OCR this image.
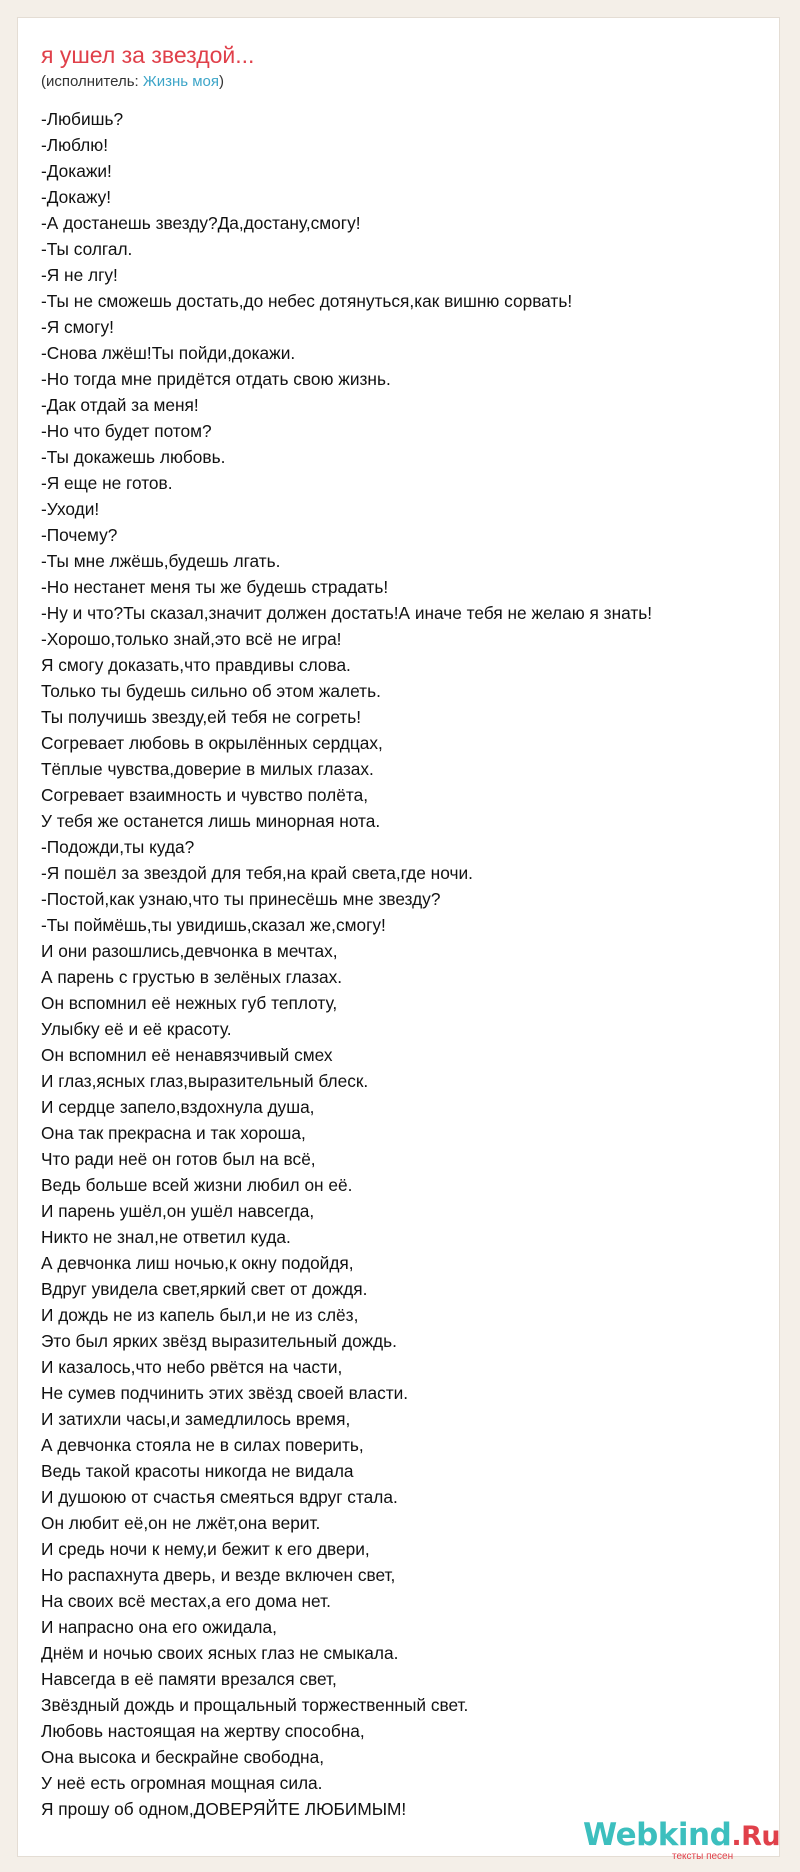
я ушел за звездой...
(исполнитель: Жизнь моя)
-Любишь?
-Люблю!
-Докажи!
-Докажу!
-А достанешь звезду?Да,достану,смогу!
-Ты солгал.
-Я не лгу!
-Ты не сможешь достать,до небес дотянуться,как вишню сорвать!
-Я смогу!
-Снова лжёш!Ты пойди,докажи.
-Но тогда мне придётся отдать свою жизнь.
-Дак отдай за меня!
-Но что будет потом?
-Ты докажешь любовь.
-Я еще не готов.
-Уходи!
-Почему?
-Ты мне лжёшь,будешь лгать.
-Но нестанет меня ты же будешь страдать!
-Ну и что?Ты сказал,значит должен достать!А иначе тебя не желаю я знать!
-Хорошо,только знай,это всё не игра!
Я смогу доказать,что правдивы слова.
Только ты будешь сильно об этом жалеть.
Ты получишь звезду,ей тебя не согреть!
Согревает любовь в окрылённых сердцах,
Тёплые чувства,доверие в милых глазах.
Согревает взаимность и чувство полёта,
У тебя же останется лишь минорная нота.
-Подожди,ты куда?
-Я пошёл за звездой для тебя,на край света,где ночи.
-Постой,как узнаю,что ты принесёшь мне звезду?
-Ты поймёшь,ты увидишь,сказал же,смогу!
И они разошлись,девчонка в мечтах,
А парень с грустью в зелёных глазах.
Он вспомнил её нежных губ теплоту,
Улыбку её и её красоту.
Он вспомнил её ненавязчивый смех
И глаз,ясных глаз,выразительный блеск.
И сердце запело,вздохнула душа,
Она так прекрасна и так хороша,
Что ради неё он готов был на всё,
Ведь больше всей жизни любил он её.
И парень ушёл,он ушёл навсегда,
Никто не знал,не ответил куда.
А девчонка лиш ночью,к окну подойдя,
Вдруг увидела свет,яркий свет от дождя.
И дождь не из капель был,и не из слёз,
Это был ярких звёзд выразительный дождь.
И казалось,что небо рвётся на части,
Не сумев подчинить этих звёзд своей власти.
И затихли часы,и замедлилось время,
А девчонка стояла не в силах поверить,
Ведь такой красоты никогда не видала
И душоюю от счастья смеяться вдруг стала.
Он любит её,он не лжёт,она верит.
И средь ночи к нему,и бежит к его двери,
Но распахнута дверь, и везде включен свет,
На своих всё местах,а его дома нет.
И напрасно она его ожидала,
Днём и ночью своих ясных глаз не смыкала.
Навсегда в её памяти врезался свет,
Звёздный дождь и прощальный торжественный свет.
Любовь настоящая на жертву способна,
Она высока и бескрайне свободна,
У неё есть огромная мощная сила.
Я прошу об одном,ДОВЕРЯЙТЕ ЛЮБИМЫМ!
Webkind.Ru
тексты песен
